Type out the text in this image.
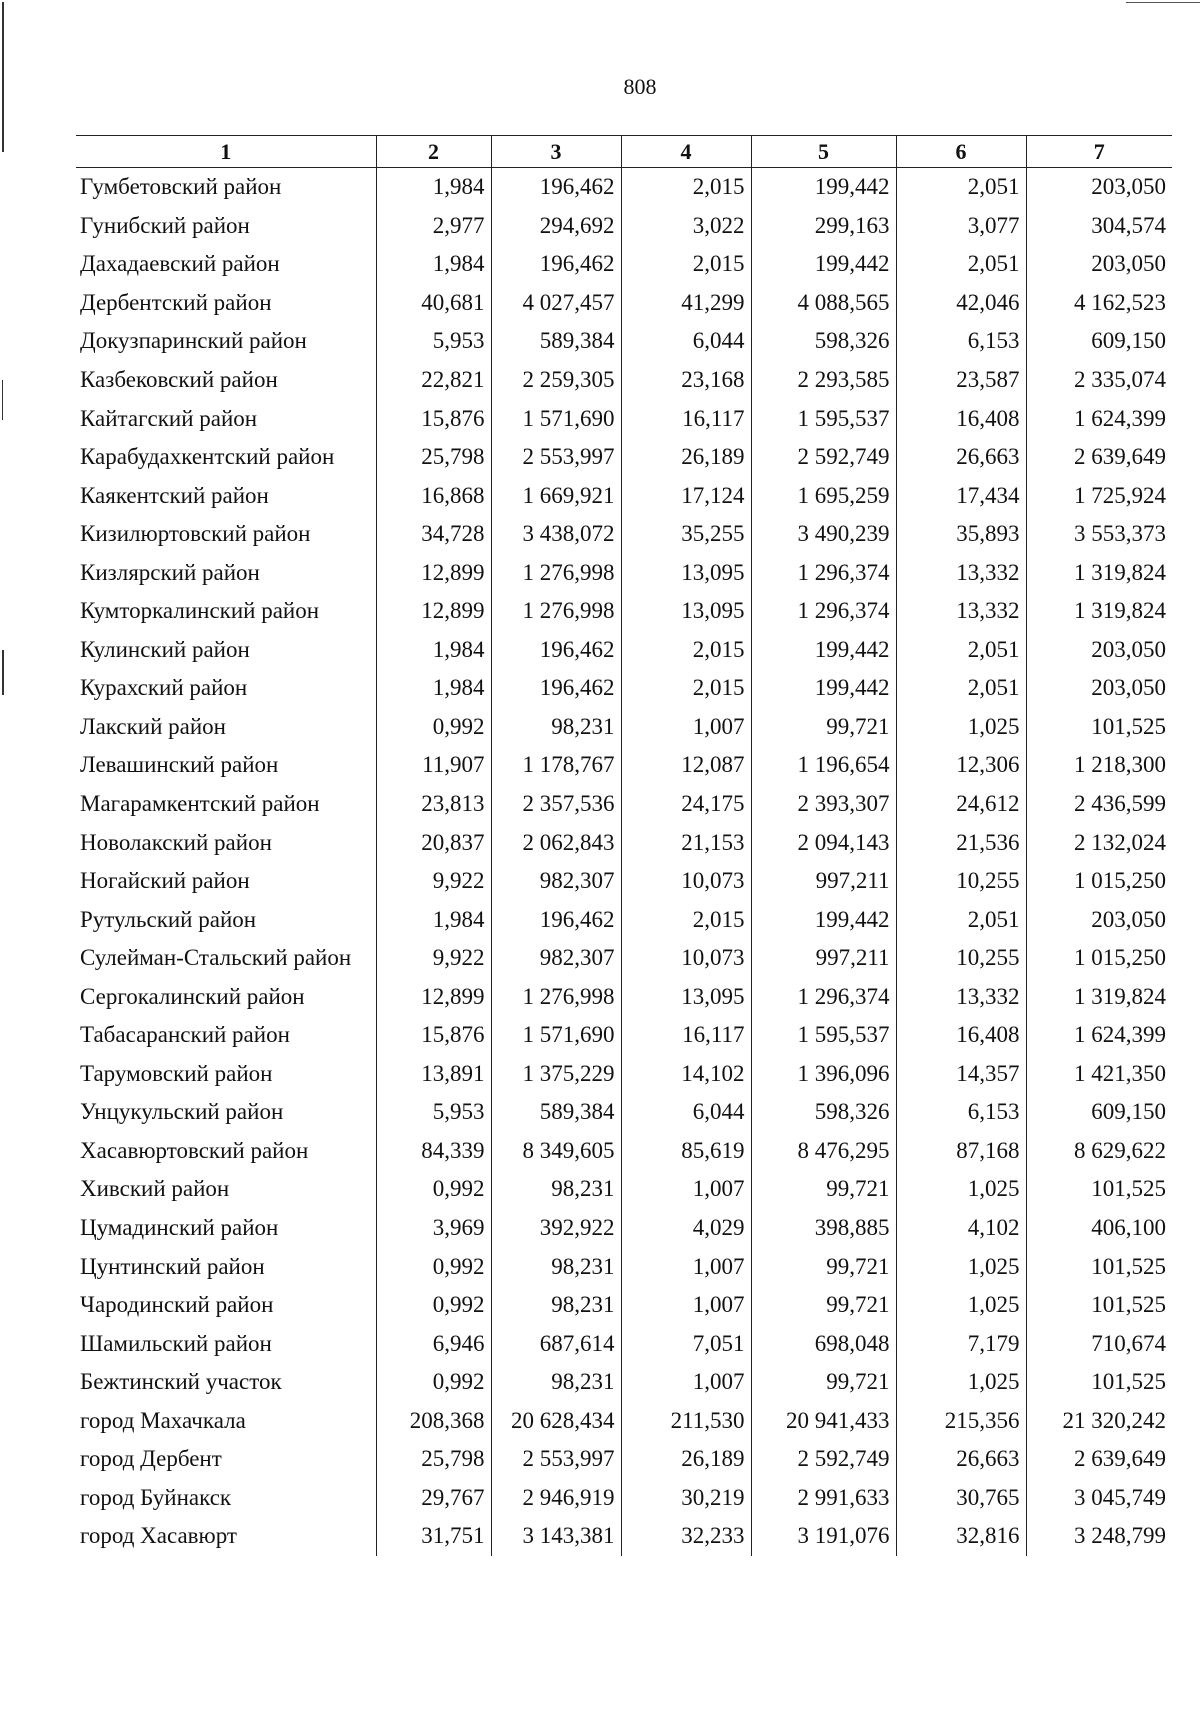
808
1	2	3	4	5	6	7
Гумбетовский район	1,984	196,462	2,015	199,442	2,051	203,050
Гунибский район	2,977	294,692	3,022	299,163	3,077	304,574
Дахадаевский район	1,984	196,462	2,015	199,442	2,051	203,050
Дербентский район	40,681	4 027,457	41,299	4 088,565	42,046	4 162,523
Докузпаринский район	5,953	589,384	6,044	598,326	6,153	609,150
Казбековский район	22,821	2 259,305	23,168	2 293,585	23,587	2 335,074
Кайтагский район	15,876	1 571,690	16,117	1 595,537	16,408	1 624,399
Карабудахкентский район	25,798	2 553,997	26,189	2 592,749	26,663	2 639,649
Каякентский район	16,868	1 669,921	17,124	1 695,259	17,434	1 725,924
Кизилюртовский район	34,728	3 438,072	35,255	3 490,239	35,893	3 553,373
Кизлярский район	12,899	1 276,998	13,095	1 296,374	13,332	1 319,824
Кумторкалинский район	12,899	1 276,998	13,095	1 296,374	13,332	1 319,824
Кулинский район	1,984	196,462	2,015	199,442	2,051	203,050
Курахский район	1,984	196,462	2,015	199,442	2,051	203,050
Лакский район	0,992	98,231	1,007	99,721	1,025	101,525
Левашинский район	11,907	1 178,767	12,087	1 196,654	12,306	1 218,300
Магарамкентский район	23,813	2 357,536	24,175	2 393,307	24,612	2 436,599
Новолакский район	20,837	2 062,843	21,153	2 094,143	21,536	2 132,024
Ногайский район	9,922	982,307	10,073	997,211	10,255	1 015,250
Рутульский район	1,984	196,462	2,015	199,442	2,051	203,050
Сулейман-Стальский район	9,922	982,307	10,073	997,211	10,255	1 015,250
Сергокалинский район	12,899	1 276,998	13,095	1 296,374	13,332	1 319,824
Табасаранский район	15,876	1 571,690	16,117	1 595,537	16,408	1 624,399
Тарумовский район	13,891	1 375,229	14,102	1 396,096	14,357	1 421,350
Унцукульский район	5,953	589,384	6,044	598,326	6,153	609,150
Хасавюртовский район	84,339	8 349,605	85,619	8 476,295	87,168	8 629,622
Хивский район	0,992	98,231	1,007	99,721	1,025	101,525
Цумадинский район	3,969	392,922	4,029	398,885	4,102	406,100
Цунтинский район	0,992	98,231	1,007	99,721	1,025	101,525
Чародинский район	0,992	98,231	1,007	99,721	1,025	101,525
Шамильский район	6,946	687,614	7,051	698,048	7,179	710,674
Бежтинский участок	0,992	98,231	1,007	99,721	1,025	101,525
город Махачкала	208,368	20 628,434	211,530	20 941,433	215,356	21 320,242
город Дербент	25,798	2 553,997	26,189	2 592,749	26,663	2 639,649
город Буйнакск	29,767	2 946,919	30,219	2 991,633	30,765	3 045,749
город Хасавюрт	31,751	3 143,381	32,233	3 191,076	32,816	3 248,799
